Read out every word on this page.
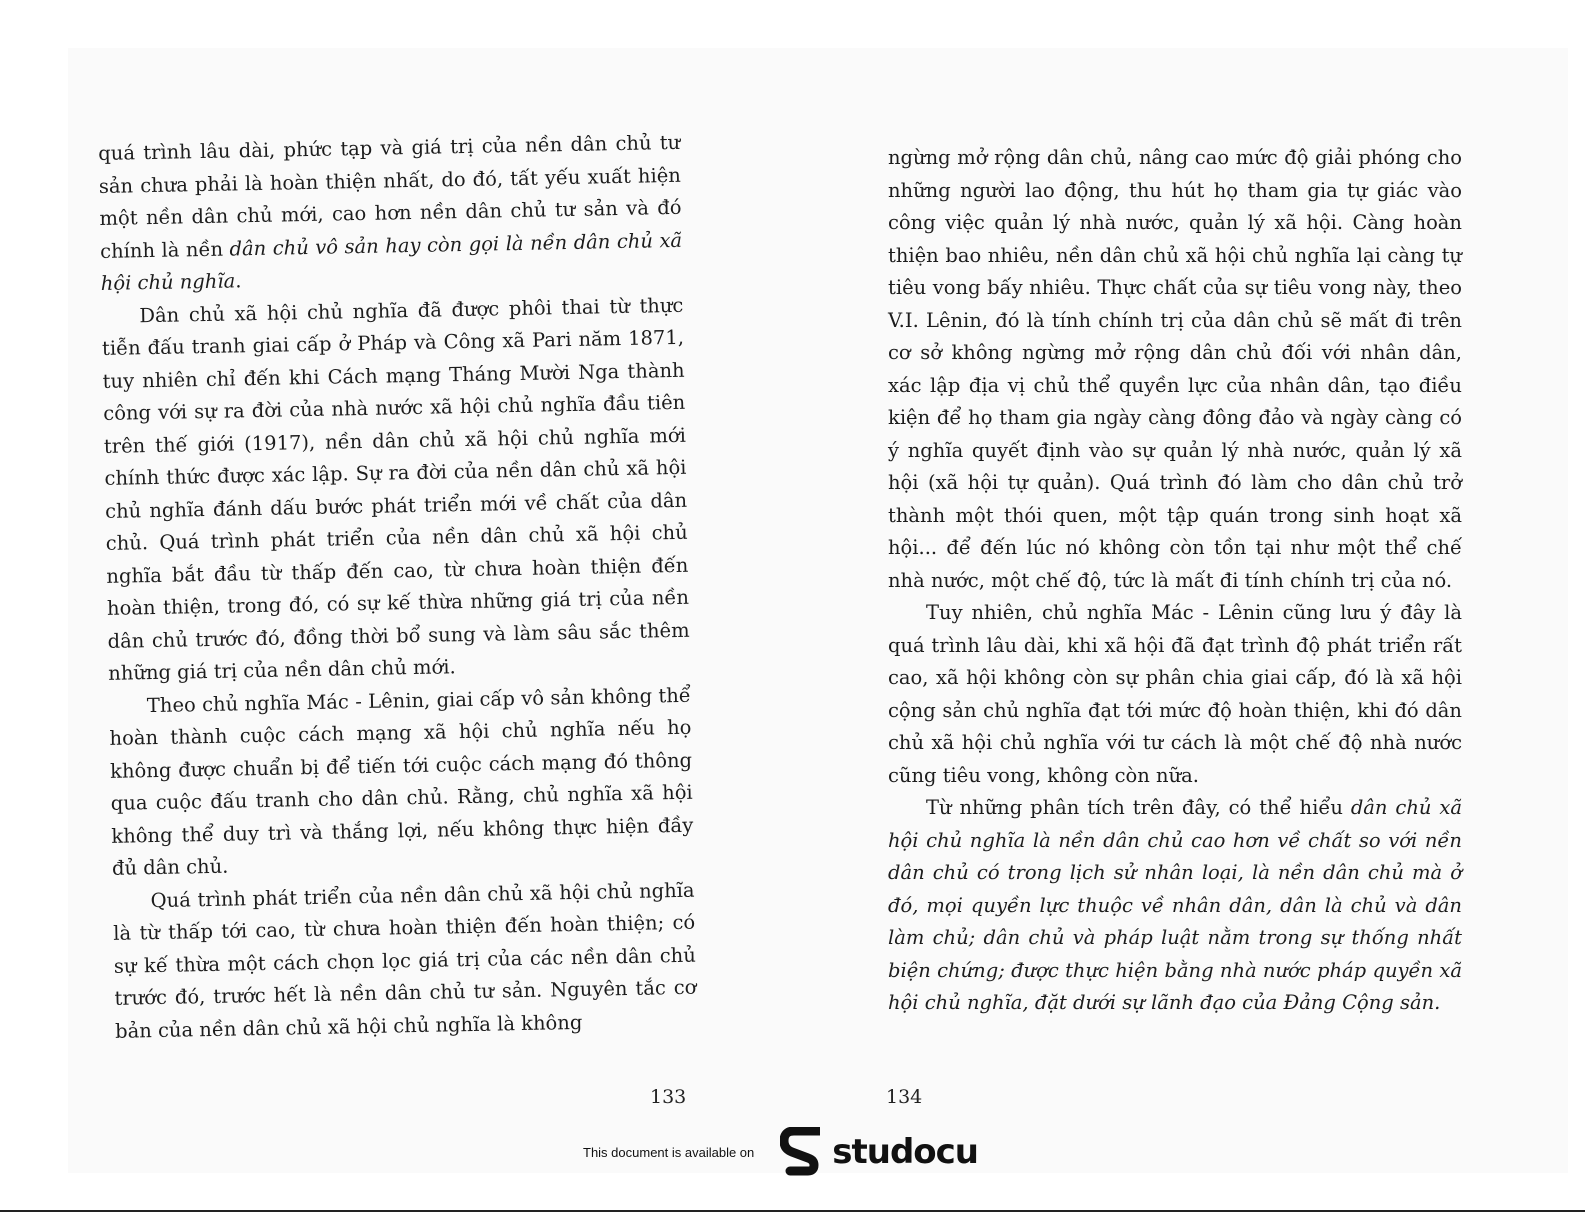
quá trình lâu dài, phức tạp và giá trị của nền dân chủ tư sản chưa phải là hoàn thiện nhất, do đó, tất yếu xuất hiện một nền dân chủ mới, cao hơn nền dân chủ tư sản và đó chính là nền dân chủ vô sản hay còn gọi là nền dân chủ xã hội chủ nghĩa.

Dân chủ xã hội chủ nghĩa đã được phôi thai từ thực tiễn đấu tranh giai cấp ở Pháp và Công xã Pari năm 1871, tuy nhiên chỉ đến khi Cách mạng Tháng Mười Nga thành công với sự ra đời của nhà nước xã hội chủ nghĩa đầu tiên trên thế giới (1917), nền dân chủ xã hội chủ nghĩa mới chính thức được xác lập. Sự ra đời của nền dân chủ xã hội chủ nghĩa đánh dấu bước phát triển mới về chất của dân chủ. Quá trình phát triển của nền dân chủ xã hội chủ nghĩa bắt đầu từ thấp đến cao, từ chưa hoàn thiện đến hoàn thiện, trong đó, có sự kế thừa những giá trị của nền dân chủ trước đó, đồng thời bổ sung và làm sâu sắc thêm những giá trị của nền dân chủ mới.

Theo chủ nghĩa Mác - Lênin, giai cấp vô sản không thể hoàn thành cuộc cách mạng xã hội chủ nghĩa nếu họ không được chuẩn bị để tiến tới cuộc cách mạng đó thông qua cuộc đấu tranh cho dân chủ. Rằng, chủ nghĩa xã hội không thể duy trì và thắng lợi, nếu không thực hiện đầy đủ dân chủ.

Quá trình phát triển của nền dân chủ xã hội chủ nghĩa là từ thấp tới cao, từ chưa hoàn thiện đến hoàn thiện; có sự kế thừa một cách chọn lọc giá trị của các nền dân chủ trước đó, trước hết là nền dân chủ tư sản. Nguyên tắc cơ bản của nền dân chủ xã hội chủ nghĩa là không

ngừng mở rộng dân chủ, nâng cao mức độ giải phóng cho những người lao động, thu hút họ tham gia tự giác vào công việc quản lý nhà nước, quản lý xã hội. Càng hoàn thiện bao nhiêu, nền dân chủ xã hội chủ nghĩa lại càng tự tiêu vong bấy nhiêu. Thực chất của sự tiêu vong này, theo V.I. Lênin, đó là tính chính trị của dân chủ sẽ mất đi trên cơ sở không ngừng mở rộng dân chủ đối với nhân dân, xác lập địa vị chủ thể quyền lực của nhân dân, tạo điều kiện để họ tham gia ngày càng đông đảo và ngày càng có ý nghĩa quyết định vào sự quản lý nhà nước, quản lý xã hội (xã hội tự quản). Quá trình đó làm cho dân chủ trở thành một thói quen, một tập quán trong sinh hoạt xã hội... để đến lúc nó không còn tồn tại như một thể chế nhà nước, một chế độ, tức là mất đi tính chính trị của nó.

Tuy nhiên, chủ nghĩa Mác - Lênin cũng lưu ý đây là quá trình lâu dài, khi xã hội đã đạt trình độ phát triển rất cao, xã hội không còn sự phân chia giai cấp, đó là xã hội cộng sản chủ nghĩa đạt tới mức độ hoàn thiện, khi đó dân chủ xã hội chủ nghĩa với tư cách là một chế độ nhà nước cũng tiêu vong, không còn nữa.

Từ những phân tích trên đây, có thể hiểu dân chủ xã hội chủ nghĩa là nền dân chủ cao hơn về chất so với nền dân chủ có trong lịch sử nhân loại, là nền dân chủ mà ở đó, mọi quyền lực thuộc về nhân dân, dân là chủ và dân làm chủ; dân chủ và pháp luật nằm trong sự thống nhất biện chứng; được thực hiện bằng nhà nước pháp quyền xã hội chủ nghĩa, đặt dưới sự lãnh đạo của Đảng Cộng sản.

133	134
This document is available on studocu
